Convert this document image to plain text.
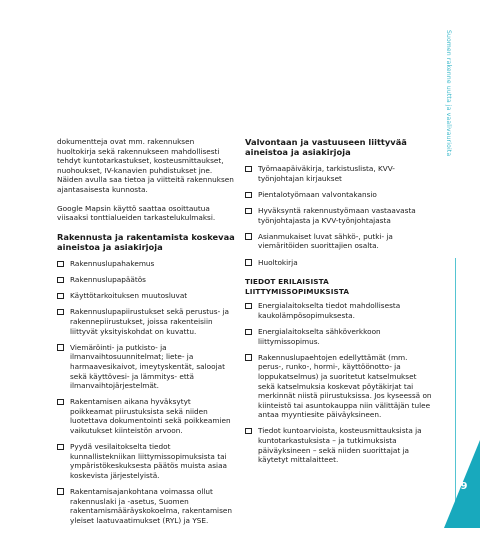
Suomen rakenne uutta ja vaalivaurioita

dokumentteja ovat mm. rakennuksen huoltokirja sekä rakennukseen mahdollisesti tehdyt kuntotarkastukset, kosteusmittaukset, nuohoukset, IV-kanavien puhdistukset jne. Näiden avulla saa tietoa ja viitteitä rakennuksen ajantasaisesta kunnosta.

Google Mapsin käyttö saattaa osoittautua viisaaksi tonttialueiden tarkastelukulmaksi.

Rakennusta ja rakentamista koskevaa aineistoa ja asiakirjoja
Rakennuslupahakemus
Rakennuslupapäätös
Käyttötarkoituksen muutosluvat
Rakennuslupapiirustukset sekä perustus- ja rakennepiirustukset, joissa rakenteisiin liittyvät yksityiskohdat on kuvattu.
Viemäröinti- ja putkisto- ja ilmanvaihtosuunnitelmat; liete- ja harmaavesikaivot, imeytyskentät, saloojat sekä käyttövesi- ja lämmitys- että ilmanvaihtojärjestelmät.
Rakentamisen aikana hyväksytyt poikkeamat piirustuksista sekä niiden luotettava dokumentointi sekä poikkeamien vaikutukset kiinteistön arvoon.
Pyydä vesilaitokselta tiedot kunnallistekniikan liittymissopimuksista tai ympäristökeskuksesta päätös muista asiaa koskevista järjestelyistä.
Rakentamisajankohtana voimassa ollut rakennuslaki ja -asetus, Suomen rakentamismääräyskokoelma, rakentamisen yleiset laatuvaatimukset (RYL) ja YSE.
Valvontaan ja vastuuseen liittyvää aineistoa ja asiakirjoja
Työmaapäiväkirja, tarkistuslista, KVV-työnjohtajan kirjaukset
Pientalotyömaan valvontakansio
Hyväksyntä rakennustyömaan vastaavasta työnjohtajasta ja KVV-työnjohtajasta
Asianmukaiset luvat sähkö-, putki- ja viemäritöiden suorittajien osalta.
Huoltokirja
TIEDOT ERILAISISTA LIITTYMISSOPIMUKSISTA
Energialaitokselta tiedot mahdollisesta kaukolämpösopimuksesta.
Energialaitokselta sähköverkkoon liittymissopimus.
Rakennuslupaehtojen edellyttämät (mm. perus-, runko-, hormi-, käyttöönotto- ja loppukatselmus) ja suoritetut katselmukset sekä katselmuksia koskevat pöytäkirjat tai merkinnät niistä piirustuksissa. Jos kyseessä on kiinteistö tai asuntokauppa niin välittäjän tulee antaa myyntiesite päiväyksineen.
Tiedot kuntoarvioista, kosteusmittauksista ja kuntotarkastuksista – ja tutkimuksista päiväyksineen – sekä niiden suorittajat ja käytetyt mittalaitteet.
9
